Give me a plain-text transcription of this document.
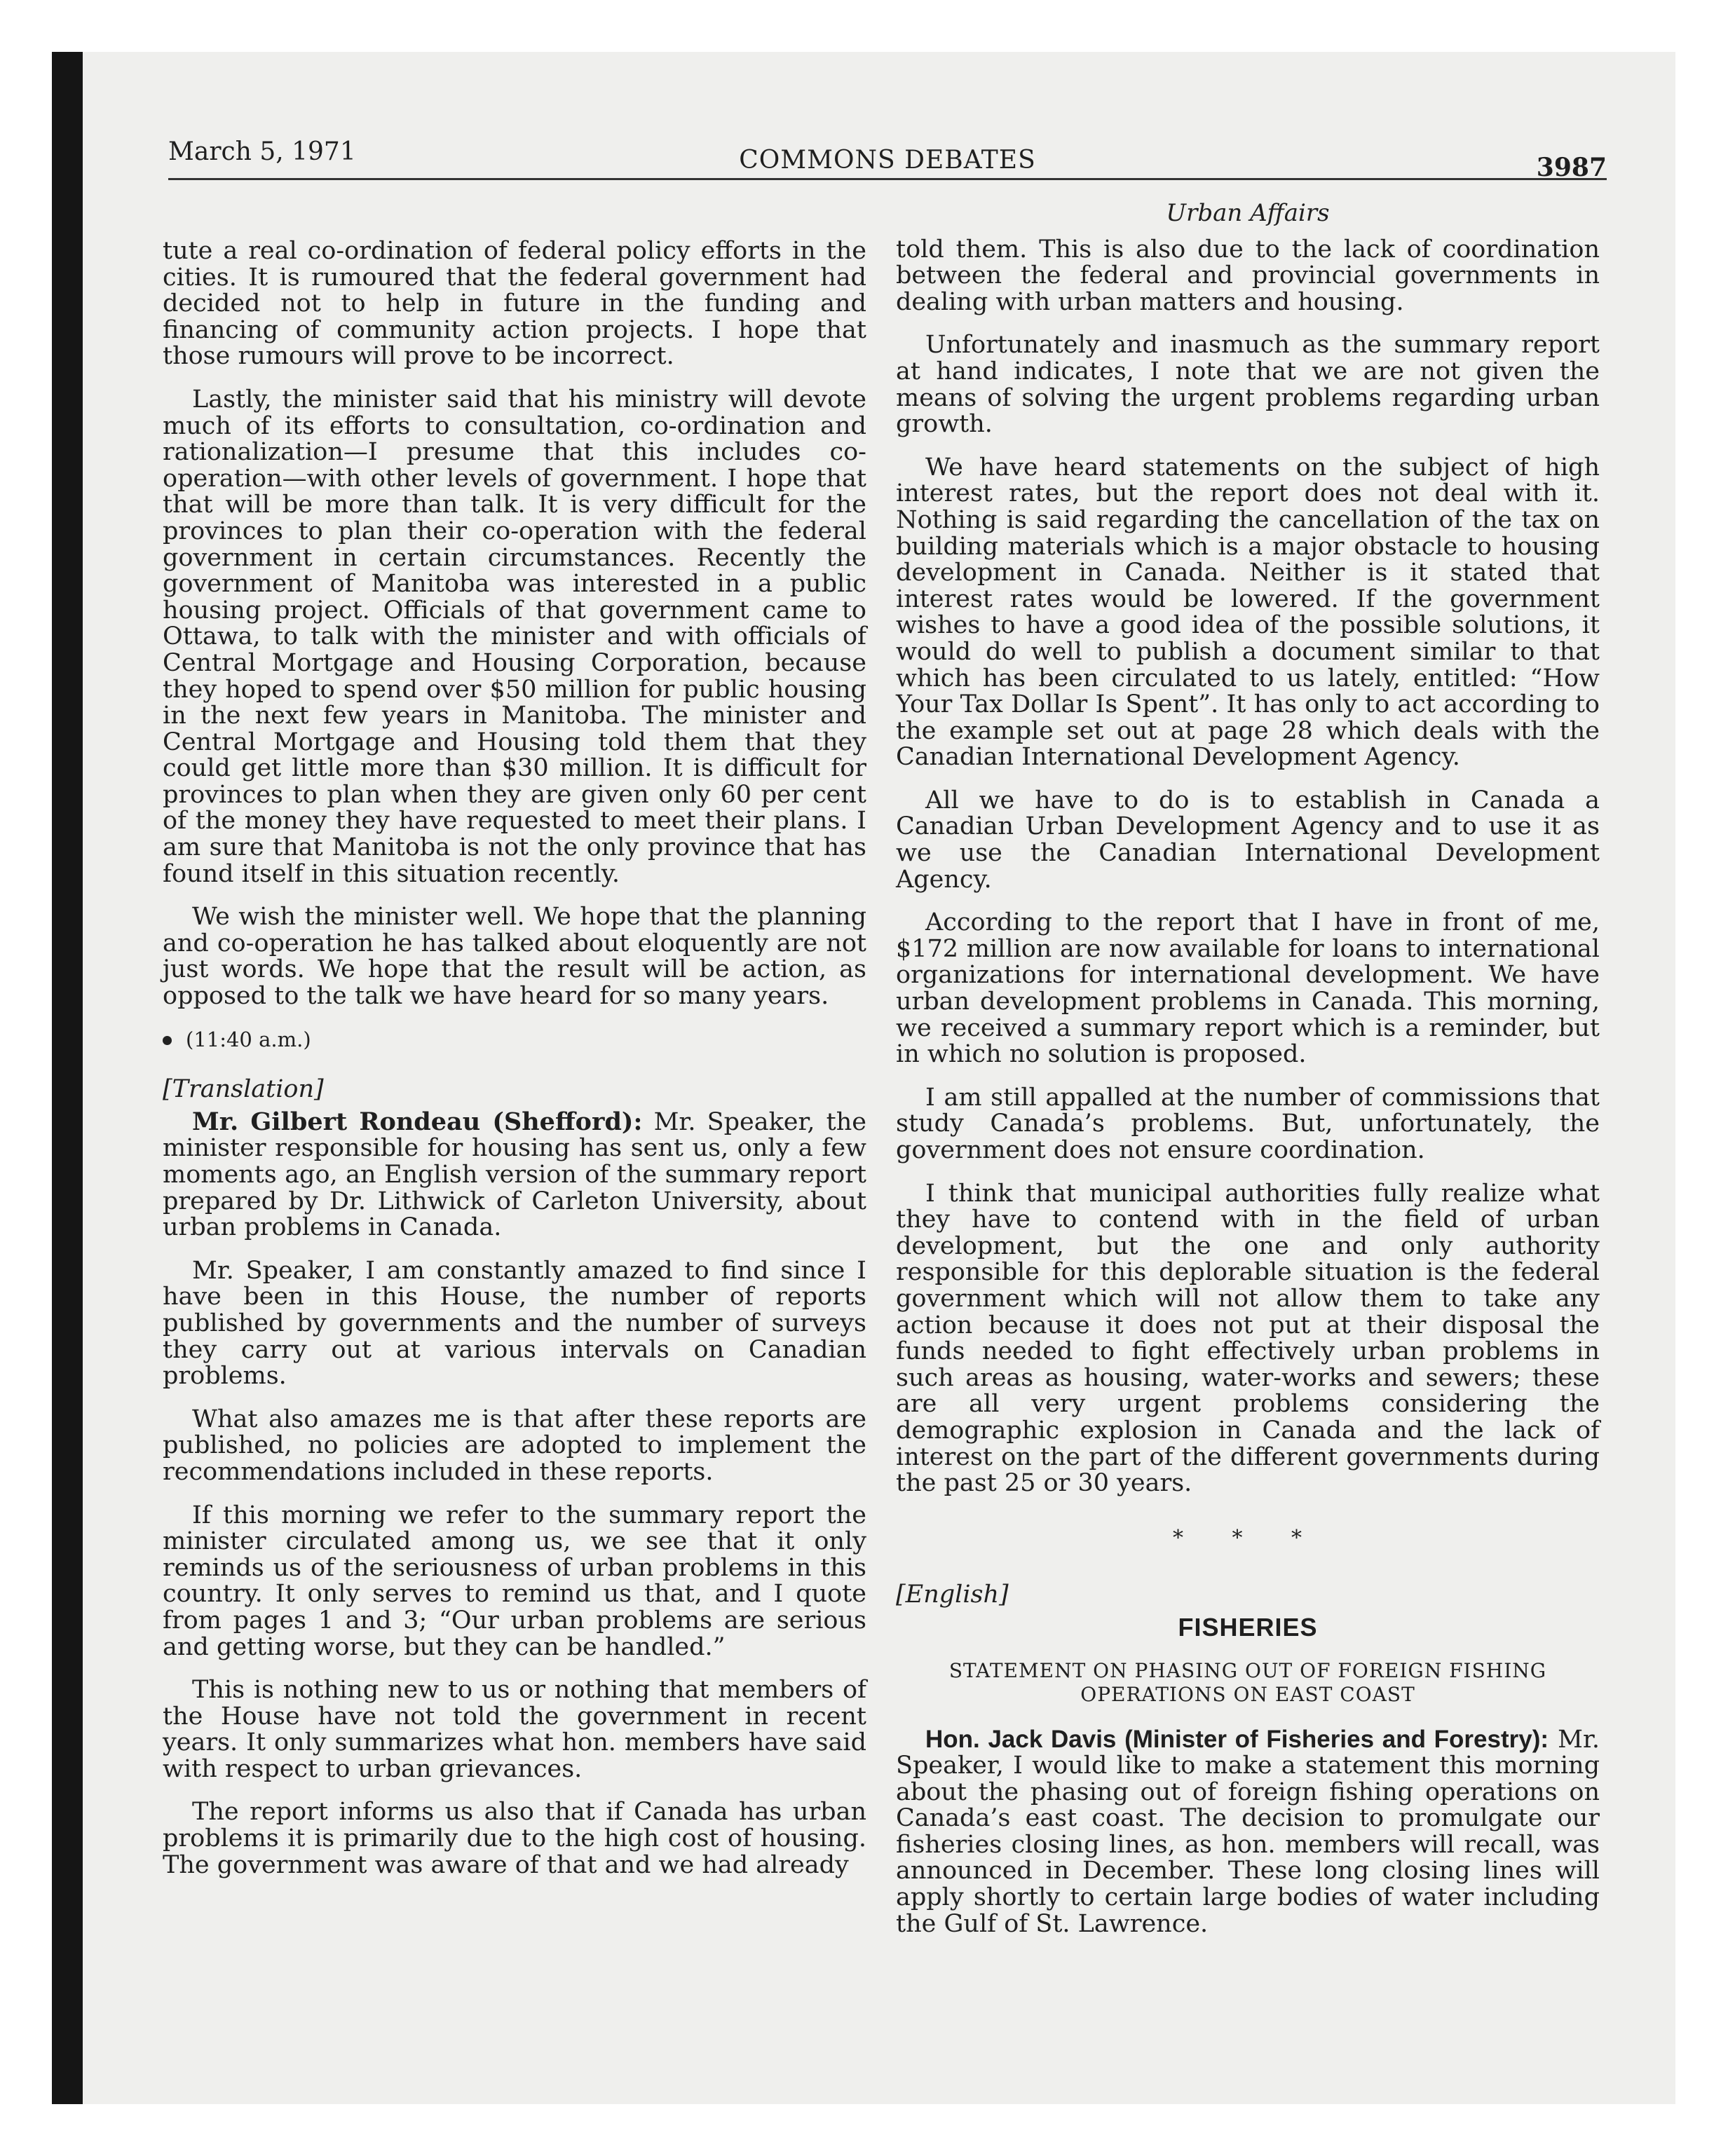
March 5, 1971	COMMONS DEBATES	3987

tute a real co-ordination of federal policy efforts in the cities. It is rumoured that the federal government had decided not to help in future in the funding and financing of community action projects. I hope that those rumours will prove to be incorrect.

Lastly, the minister said that his ministry will devote much of its efforts to consultation, co-ordination and rationalization—I presume that this includes co-operation—with other levels of government. I hope that that will be more than talk. It is very difficult for the provinces to plan their co-operation with the federal government in certain circumstances. Recently the government of Manitoba was interested in a public housing project. Officials of that government came to Ottawa, to talk with the minister and with officials of Central Mortgage and Housing Corporation, because they hoped to spend over $50 million for public housing in the next few years in Manitoba. The minister and Central Mortgage and Housing told them that they could get little more than $30 million. It is difficult for provinces to plan when they are given only 60 per cent of the money they have requested to meet their plans. I am sure that Manitoba is not the only province that has found itself in this situation recently.

We wish the minister well. We hope that the planning and co-operation he has talked about eloquently are not just words. We hope that the result will be action, as opposed to the talk we have heard for so many years.

(11:40 a.m.)
[Translation]

Mr. Gilbert Rondeau (Shefford): Mr. Speaker, the minister responsible for housing has sent us, only a few moments ago, an English version of the summary report prepared by Dr. Lithwick of Carleton University, about urban problems in Canada.

Mr. Speaker, I am constantly amazed to find since I have been in this House, the number of reports published by governments and the number of surveys they carry out at various intervals on Canadian problems.

What also amazes me is that after these reports are published, no policies are adopted to implement the recommendations included in these reports.

If this morning we refer to the summary report the minister circulated among us, we see that it only reminds us of the seriousness of urban problems in this country. It only serves to remind us that, and I quote from pages 1 and 3; “Our urban problems are serious and getting worse, but they can be handled.”

This is nothing new to us or nothing that members of the House have not told the government in recent years. It only summarizes what hon. members have said with respect to urban grievances.

The report informs us also that if Canada has urban problems it is primarily due to the high cost of housing. The government was aware of that and we had already

Urban Affairs

told them. This is also due to the lack of coordination between the federal and provincial governments in dealing with urban matters and housing.

Unfortunately and inasmuch as the summary report at hand indicates, I note that we are not given the means of solving the urgent problems regarding urban growth.

We have heard statements on the subject of high interest rates, but the report does not deal with it. Nothing is said regarding the cancellation of the tax on building materials which is a major obstacle to housing development in Canada. Neither is it stated that interest rates would be lowered. If the government wishes to have a good idea of the possible solutions, it would do well to publish a document similar to that which has been circulated to us lately, entitled: “How Your Tax Dollar Is Spent”. It has only to act according to the example set out at page 28 which deals with the Canadian International Development Agency.

All we have to do is to establish in Canada a Canadian Urban Development Agency and to use it as we use the Canadian International Development Agency.

According to the report that I have in front of me, $172 million are now available for loans to international organizations for international development. We have urban development problems in Canada. This morning, we received a summary report which is a reminder, but in which no solution is proposed.

I am still appalled at the number of commissions that study Canada’s problems. But, unfortunately, the government does not ensure coordination.

I think that municipal authorities fully realize what they have to contend with in the field of urban development, but the one and only authority responsible for this deplorable situation is the federal government which will not allow them to take any action because it does not put at their disposal the funds needed to fight effectively urban problems in such areas as housing, water-works and sewers; these are all very urgent problems considering the demographic explosion in Canada and the lack of interest on the part of the different governments during the past 25 or 30 years.

* * *
[English]
FISHERIES
STATEMENT ON PHASING OUT OF FOREIGN FISHING
OPERATIONS ON EAST COAST

Hon. Jack Davis (Minister of Fisheries and Forestry): Mr. Speaker, I would like to make a statement this morning about the phasing out of foreign fishing operations on Canada’s east coast. The decision to promulgate our fisheries closing lines, as hon. members will recall, was announced in December. These long closing lines will apply shortly to certain large bodies of water including the Gulf of St. Lawrence.
